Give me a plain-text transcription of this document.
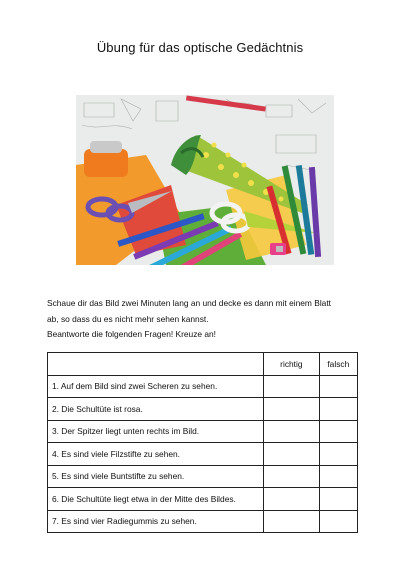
Übung für das optische Gedächtnis
Schaue dir das Bild zwei Minuten lang an und decke es dann mit einem Blatt
ab, so dass du es nicht mehr sehen kannst.
Beantworte die folgenden Fragen! Kreuze an!
	richtig	falsch
1. Auf dem Bild sind zwei Scheren zu sehen.		
2. Die Schultüte ist rosa.		
3. Der Spitzer liegt unten rechts im Bild.		
4. Es sind viele Filzstifte zu sehen.		
5. Es sind viele Buntstifte zu sehen.		
6. Die Schultüte liegt etwa in der Mitte des Bildes.		
7. Es sind vier Radiegummis zu sehen.		
